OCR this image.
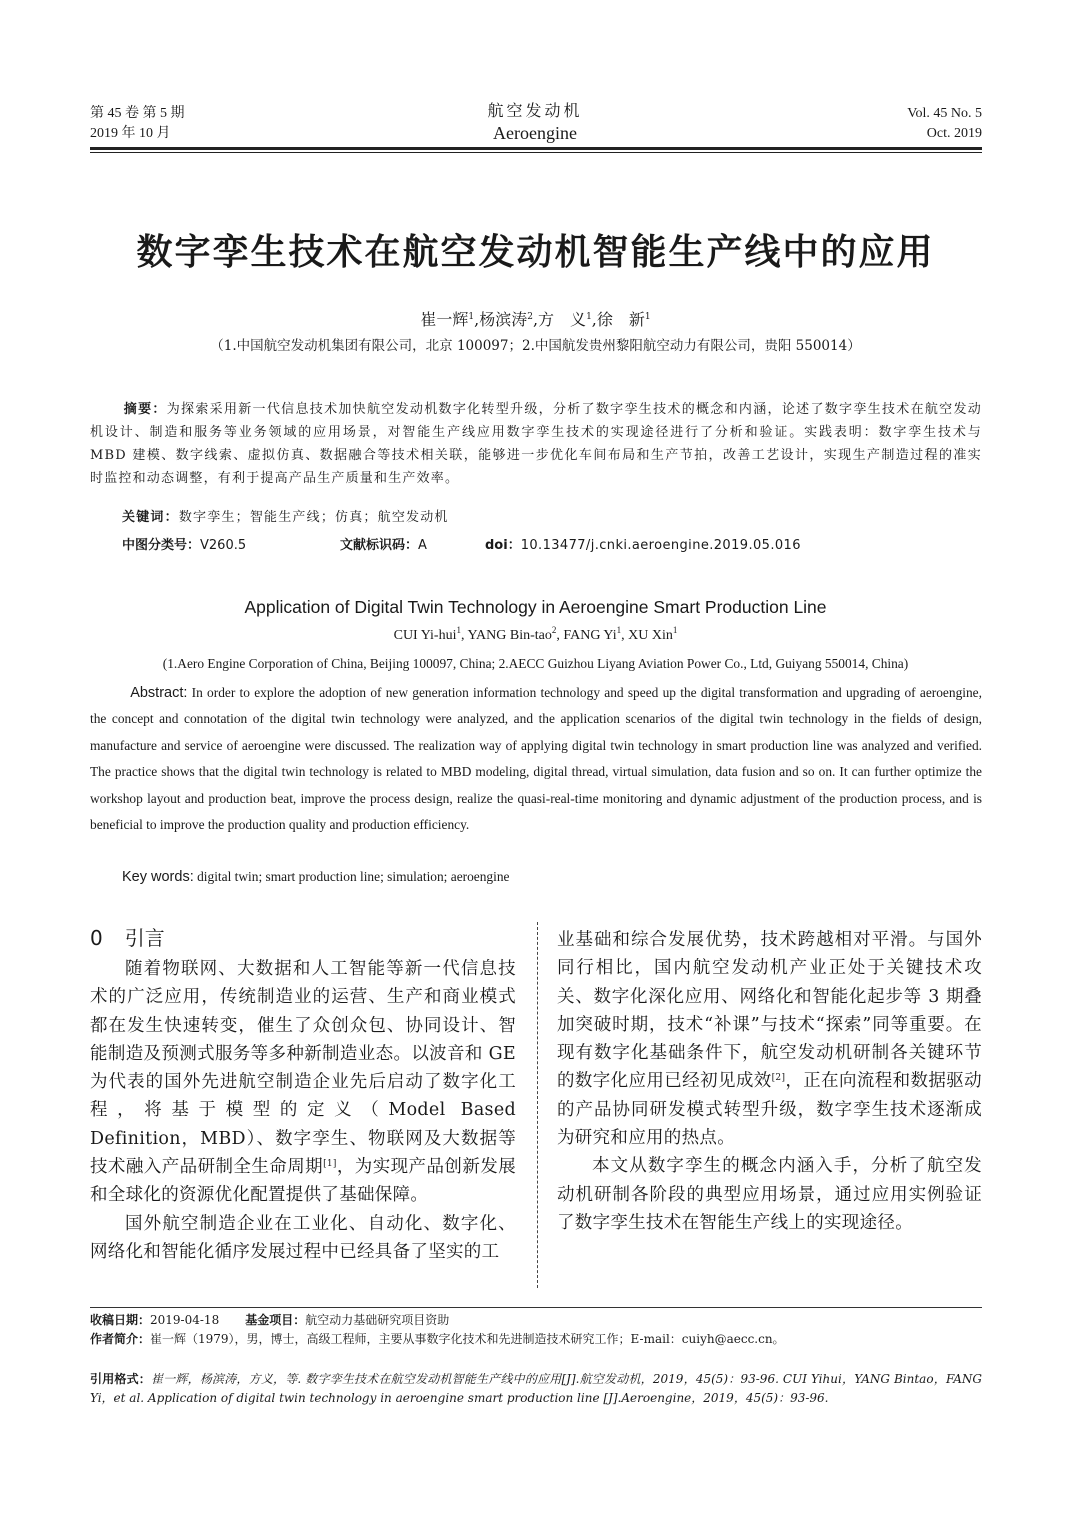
第 45 卷 第 5 期
2019 年 10 月
航空发动机
Aeroengine
Vol. 45 No. 5
Oct. 2019
数字孪生技术在航空发动机智能生产线中的应用
崔一辉$^1$,杨滨涛$^2$,方　义$^1$,徐　新$^1$
（1.中国航空发动机集团有限公司，北京 100097；2.中国航发贵州黎阳航空动力有限公司，贵阳 550014）
摘要：为探索采用新一代信息技术加快航空发动机数字化转型升级，分析了数字孪生技术的概念和内涵，论述了数字孪生技术在航空发动机设计、制造和服务等业务领域的应用场景，对智能生产线应用数字孪生技术的实现途径进行了分析和验证。实践表明：数字孪生技术与 MBD 建模、数字线索、虚拟仿真、数据融合等技术相关联，能够进一步优化车间布局和生产节拍，改善工艺设计，实现生产制造过程的准实时监控和动态调整，有利于提高产品生产质量和生产效率。
关键词：数字孪生；智能生产线；仿真；航空发动机
中图分类号：V260.5	文献标识码：A	doi：10.13477/j.cnki.aeroengine.2019.05.016
Application of Digital Twin Technology in Aeroengine Smart Production Line
CUI Yi-hui$^1$, YANG Bin-tao$^2$, FANG Yi$^1$, XU Xin$^1$
(1.Aero Engine Corporation of China, Beijing 100097, China; 2.AECC Guizhou Liyang Aviation Power Co., Ltd, Guiyang 550014, China)
Abstract: In order to explore the adoption of new generation information technology and speed up the digital transformation and upgrading of aeroengine, the concept and connotation of the digital twin technology were analyzed, and the application scenarios of the digital twin technology in the fields of design, manufacture and service of aeroengine were discussed. The realization way of applying digital twin technology in smart production line was analyzed and verified. The practice shows that the digital twin technology is related to MBD modeling, digital thread, virtual simulation, data fusion and so on. It can further optimize the workshop layout and production beat, improve the process design, realize the quasi-real-time monitoring and dynamic adjustment of the production process, and is beneficial to improve the production quality and production efficiency.
Key words: digital twin; smart production line; simulation; aeroengine
0 引言

随着物联网、大数据和人工智能等新一代信息技术的广泛应用，传统制造业的运营、生产和商业模式都在发生快速转变，催生了众创众包、协同设计、智能制造及预测式服务等多种新制造业态。以波音和 GE 为代表的国外先进航空制造企业先后启动了数字化工程，将基于模型的定义（Model Based Definition，MBD）、数字孪生、物联网及大数据等技术融入产品研制全生命周期[1]，为实现产品创新发展和全球化的资源优化配置提供了基础保障。

国外航空制造企业在工业化、自动化、数字化、网络化和智能化循序发展过程中已经具备了坚实的工

业基础和综合发展优势，技术跨越相对平滑。与国外同行相比，国内航空发动机产业正处于关键技术攻关、数字化深化应用、网络化和智能化起步等 3 期叠加突破时期，技术“补课”与技术“探索”同等重要。在现有数字化基础条件下，航空发动机研制各关键环节的数字化应用已经初见成效[2]，正在向流程和数据驱动的产品协同研发模式转型升级，数字孪生技术逐渐成为研究和应用的热点。

本文从数字孪生的概念内涵入手，分析了航空发动机研制各阶段的典型应用场景，通过应用实例验证了数字孪生技术在智能生产线上的实现途径。

收稿日期：2019-04-18 基金项目：航空动力基础研究项目资助
作者简介：崔一辉（1979），男，博士，高级工程师，主要从事数字化技术和先进制造技术研究工作；E-mail：cuiyh@aecc.cn。
引用格式：崔一辉，杨滨涛，方义，等. 数字孪生技术在航空发动机智能生产线中的应用[J].航空发动机，2019，45(5)：93-96. CUI Yihui，YANG Bintao，FANG Yi，et al. Application of digital twin technology in aeroengine smart production line [J].Aeroengine，2019，45(5)：93-96.
